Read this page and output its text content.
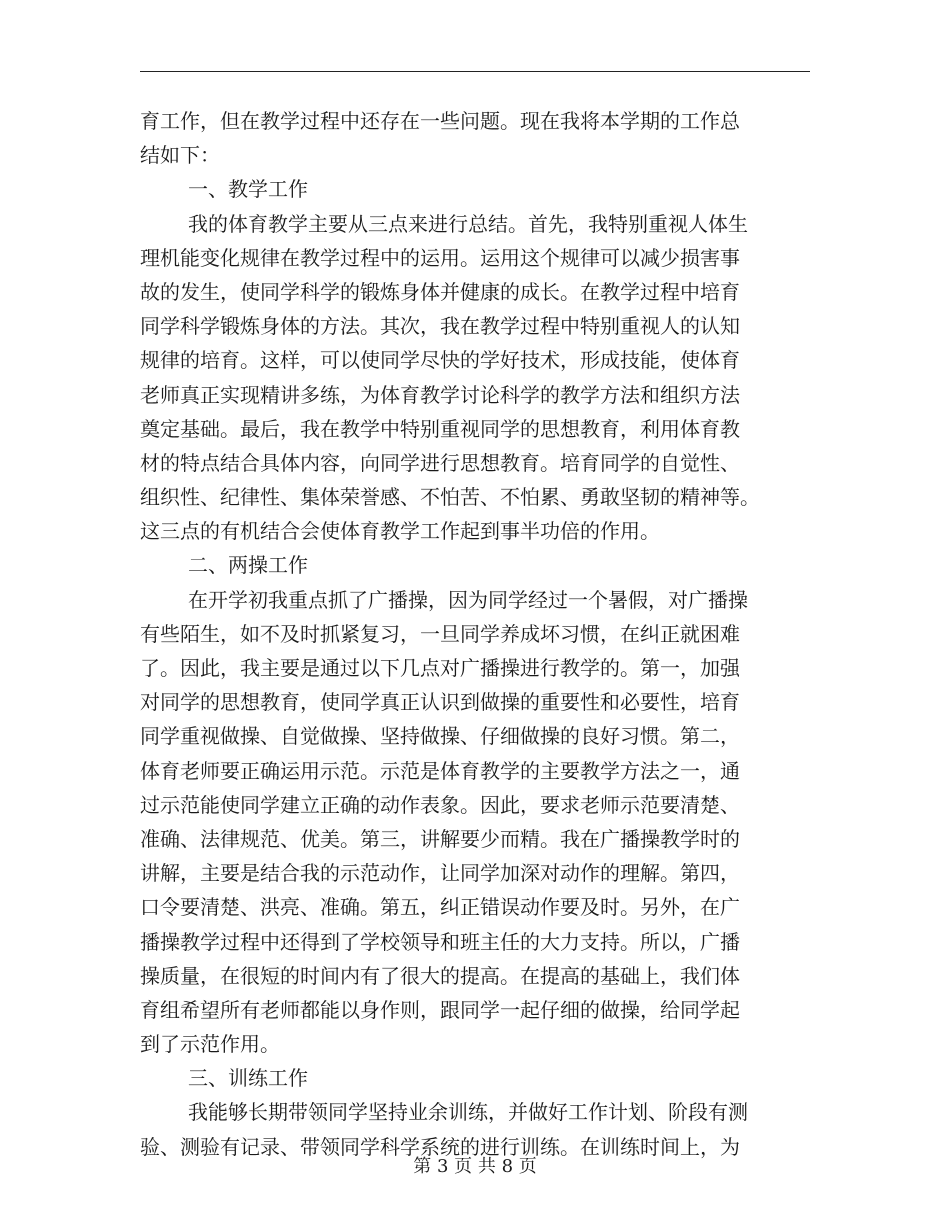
育工作，但在教学过程中还存在一些问题。现在我将本学期的工作总
结如下：
一、教学工作
我的体育教学主要从三点来进行总结。首先，我特别重视人体生
理机能变化规律在教学过程中的运用。运用这个规律可以减少损害事
故的发生，使同学科学的锻炼身体并健康的成长。在教学过程中培育
同学科学锻炼身体的方法。其次，我在教学过程中特别重视人的认知
规律的培育。这样，可以使同学尽快的学好技术，形成技能，使体育
老师真正实现精讲多练，为体育教学讨论科学的教学方法和组织方法
奠定基础。最后，我在教学中特别重视同学的思想教育，利用体育教
材的特点结合具体内容，向同学进行思想教育。培育同学的自觉性、
组织性、纪律性、集体荣誉感、不怕苦、不怕累、勇敢坚韧的精神等。
这三点的有机结合会使体育教学工作起到事半功倍的作用。
二、两操工作
在开学初我重点抓了广播操，因为同学经过一个暑假，对广播操
有些陌生，如不及时抓紧复习，一旦同学养成坏习惯，在纠正就困难
了。因此，我主要是通过以下几点对广播操进行教学的。第一，加强
对同学的思想教育，使同学真正认识到做操的重要性和必要性，培育
同学重视做操、自觉做操、坚持做操、仔细做操的良好习惯。第二，
体育老师要正确运用示范。示范是体育教学的主要教学方法之一，通
过示范能使同学建立正确的动作表象。因此，要求老师示范要清楚、
准确、法律规范、优美。第三，讲解要少而精。我在广播操教学时的
讲解，主要是结合我的示范动作，让同学加深对动作的理解。第四，
口令要清楚、洪亮、准确。第五，纠正错误动作要及时。另外，在广
播操教学过程中还得到了学校领导和班主任的大力支持。所以，广播
操质量，在很短的时间内有了很大的提高。在提高的基础上，我们体
育组希望所有老师都能以身作则，跟同学一起仔细的做操，给同学起
到了示范作用。
三、训练工作
我能够长期带领同学坚持业余训练，并做好工作计划、阶段有测
验、测验有记录、带领同学科学系统的进行训练。在训练时间上，为
第 3 页 共 8 页
